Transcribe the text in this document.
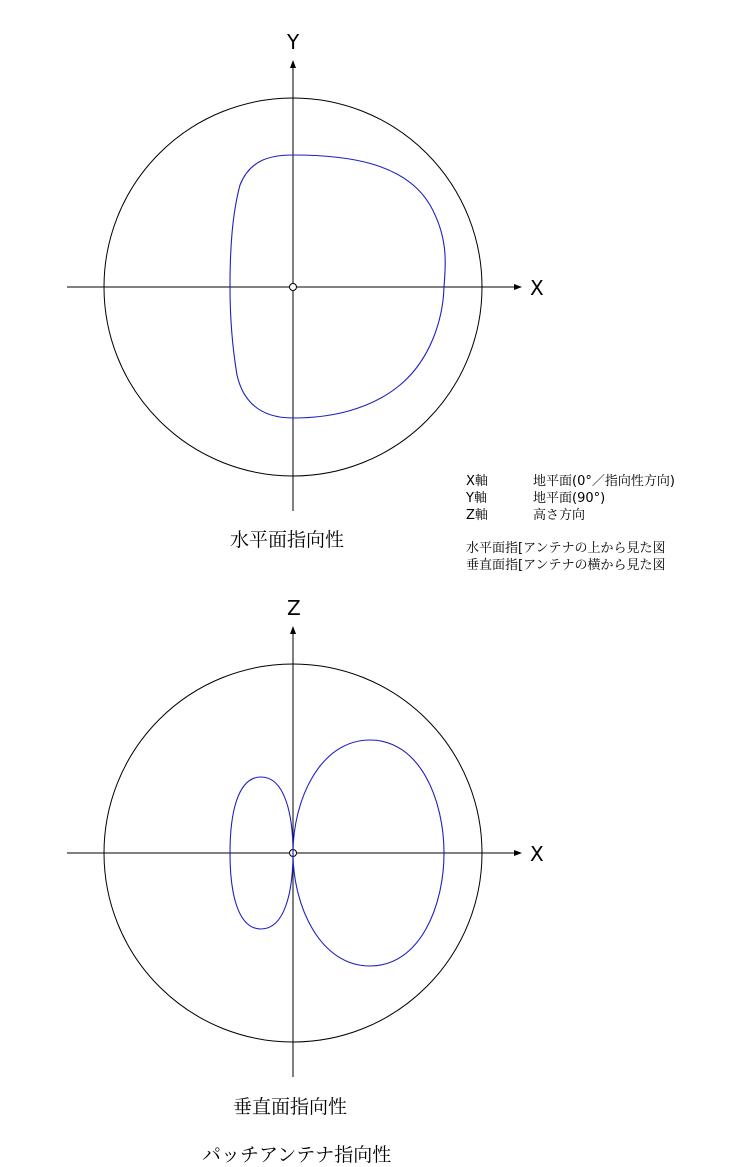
X
Y
水平面指向性
X軸	地平面(0°／指向性方向)
Y軸	地平面(90°)
Z軸	高さ方向
水平面指[アンテナの上から見た図
垂直面指[アンテナの横から見た図
X
Z
垂直面指向性
パッチアンテナ指向性
